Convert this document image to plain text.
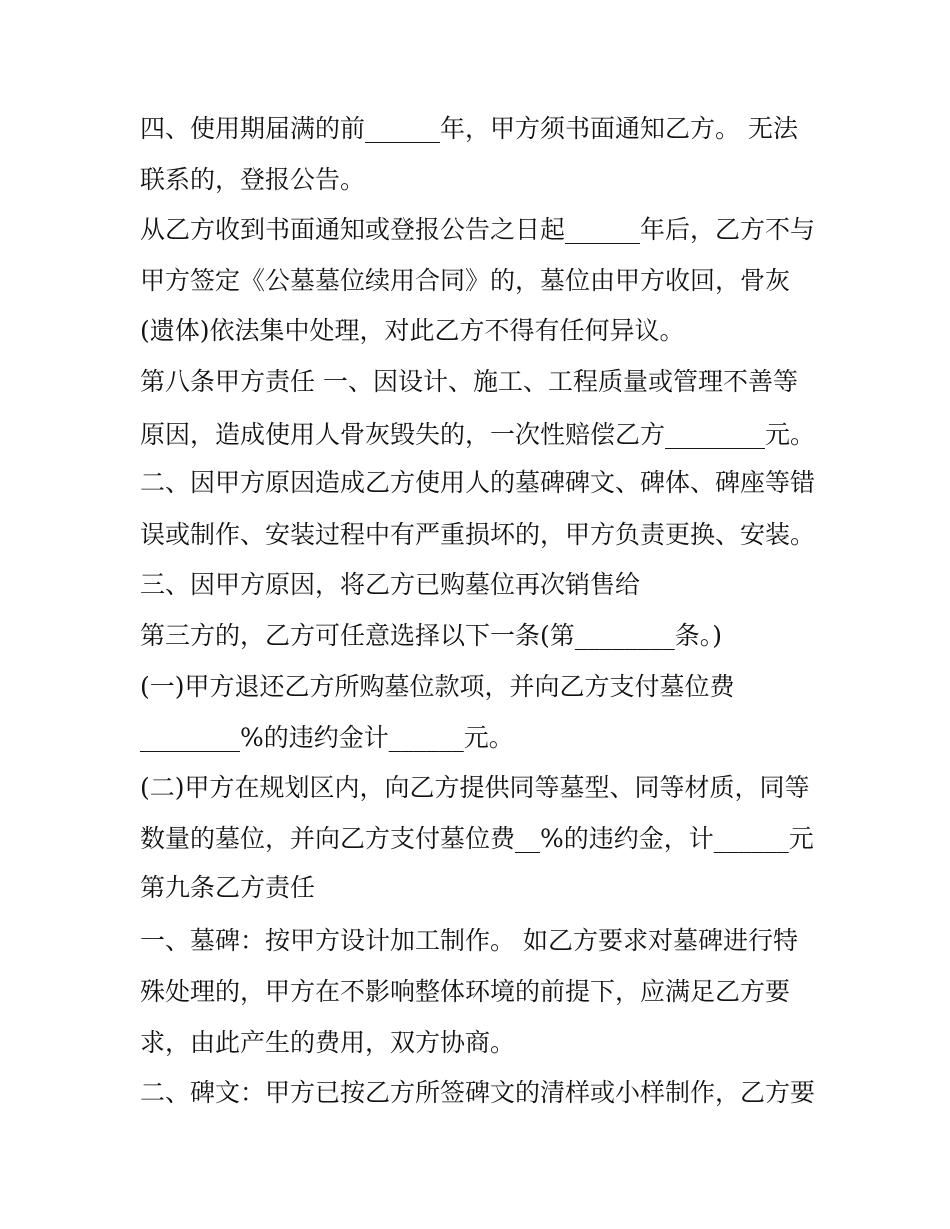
四、使用期届满的前______年，甲方须书面通知乙方。 无法
联系的，登报公告。
从乙方收到书面通知或登报公告之日起______年后，乙方不与
甲方签定《公墓墓位续用合同》的，墓位由甲方收回，骨灰
(遗体)依法集中处理，对此乙方不得有任何异议。
第八条甲方责任 一、因设计、施工、工程质量或管理不善等
原因，造成使用人骨灰毁失的，一次性赔偿乙方________元。
二、因甲方原因造成乙方使用人的墓碑碑文、碑体、碑座等错
误或制作、安装过程中有严重损坏的，甲方负责更换、安装。
三、因甲方原因，将乙方已购墓位再次销售给
第三方的，乙方可任意选择以下一条(第________条。)
(一)甲方退还乙方所购墓位款项，并向乙方支付墓位费
________%的违约金计______元。
(二)甲方在规划区内，向乙方提供同等墓型、同等材质，同等
数量的墓位，并向乙方支付墓位费__%的违约金，计______元
第九条乙方责任
一、墓碑：按甲方设计加工制作。 如乙方要求对墓碑进行特
殊处理的，甲方在不影响整体环境的前提下，应满足乙方要
求，由此产生的费用，双方协商。
二、碑文：甲方已按乙方所签碑文的清样或小样制作，乙方要
